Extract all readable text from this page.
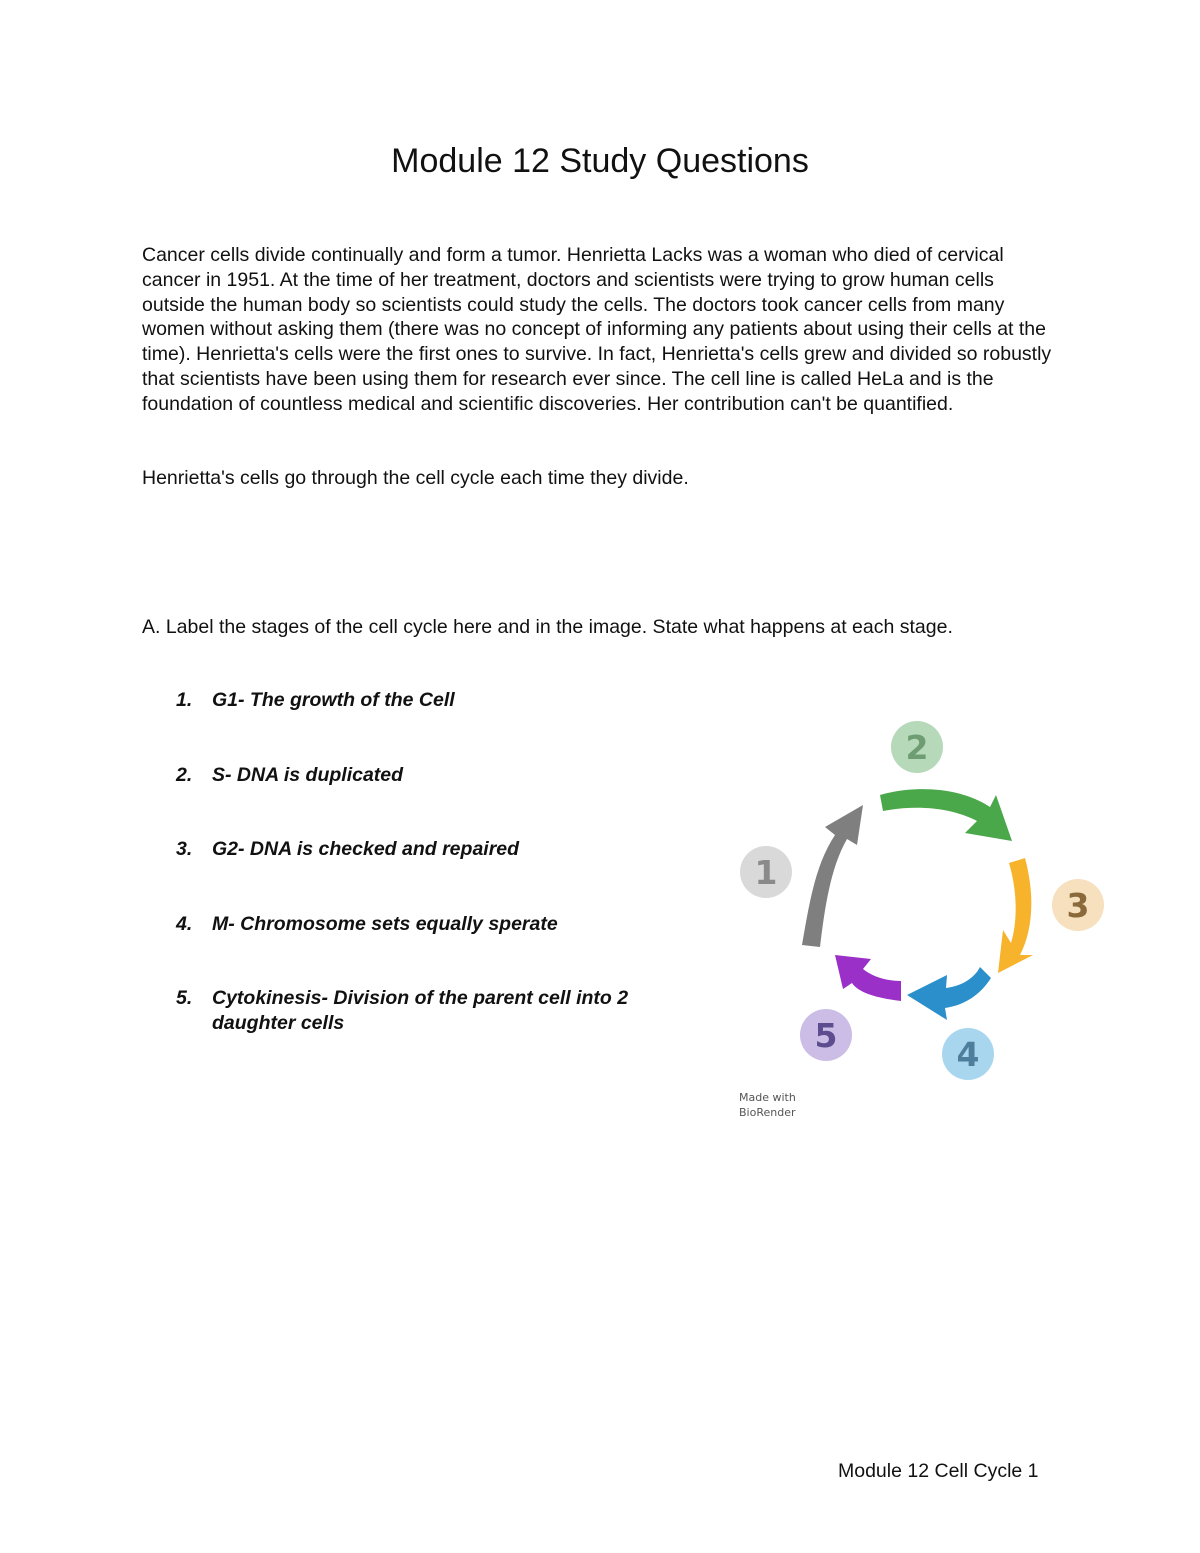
Module 12 Study Questions

Cancer cells divide continually and form a tumor. Henrietta Lacks was a woman who died of cervical cancer in 1951. At the time of her treatment, doctors and scientists were trying to grow human cells outside the human body so scientists could study the cells. The doctors took cancer cells from many women without asking them (there was no concept of informing any patients about using their cells at the time). Henrietta's cells were the first ones to survive. In fact, Henrietta's cells grew and divided so robustly that scientists have been using them for research ever since. The cell line is called HeLa and is the foundation of countless medical and scientific discoveries. Her contribution can't be quantified.

Henrietta's cells go through the cell cycle each time they divide.

A. Label the stages of the cell cycle here and in the image. State what happens at each stage.

1. G1- The growth of the Cell
2. S- DNA is duplicated
3. G2- DNA is checked and repaired
4. M- Chromosome sets equally sperate
5. Cytokinesis- Division of the parent cell into 2 daughter cells
1
2
3
4
5
Made with
BioRender

Module 12 Cell Cycle 1
